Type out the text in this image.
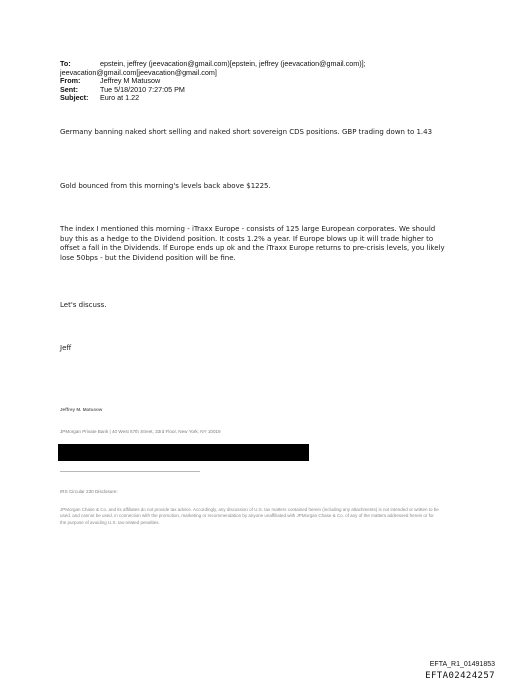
To:	epstein, jeffrey (jeevacation@gmail.com)[epstein, jeffrey (jeevacation@gmail.com)];
jeevacation@gmail.com[jeevacation@gmail.com]
From:	Jeffrey M Matusow
Sent:	Tue 5/18/2010 7:27:05 PM
Subject:	Euro at 1.22
Germany banning naked short selling and naked short sovereign CDS positions. GBP trading down to 1.43
Gold bounced from this morning's levels back above $1225.
The index I mentioned this morning - iTraxx Europe - consists of 125 large European corporates. We should buy this as a hedge to the Dividend position. It costs 1.2% a year. If Europe blows up it will trade higher to offset a fall in the Dividends. If Europe ends up ok and the iTraxx Europe returns to pre-crisis levels, you likely lose 50bps - but the Dividend position will be fine.
Let's discuss.
Jeff
Jeffrey M. Matusow
JPMorgan Private Bank | 40 West 57th Street, 33rd Floor, New York, NY 10019
IRS Circular 230 Disclosure:
JPMorgan Chase & Co. and its affiliates do not provide tax advice. Accordingly, any discussion of U.S. tax matters contained herein (including any attachments) is not intended or written to be used, and cannot be used, in connection with the promotion, marketing or recommendation by anyone unaffiliated with JPMorgan Chase & Co. of any of the matters addressed herein or for the purpose of avoiding U.S. tax-related penalties.
EFTA_R1_01491853
EFTA02424257
